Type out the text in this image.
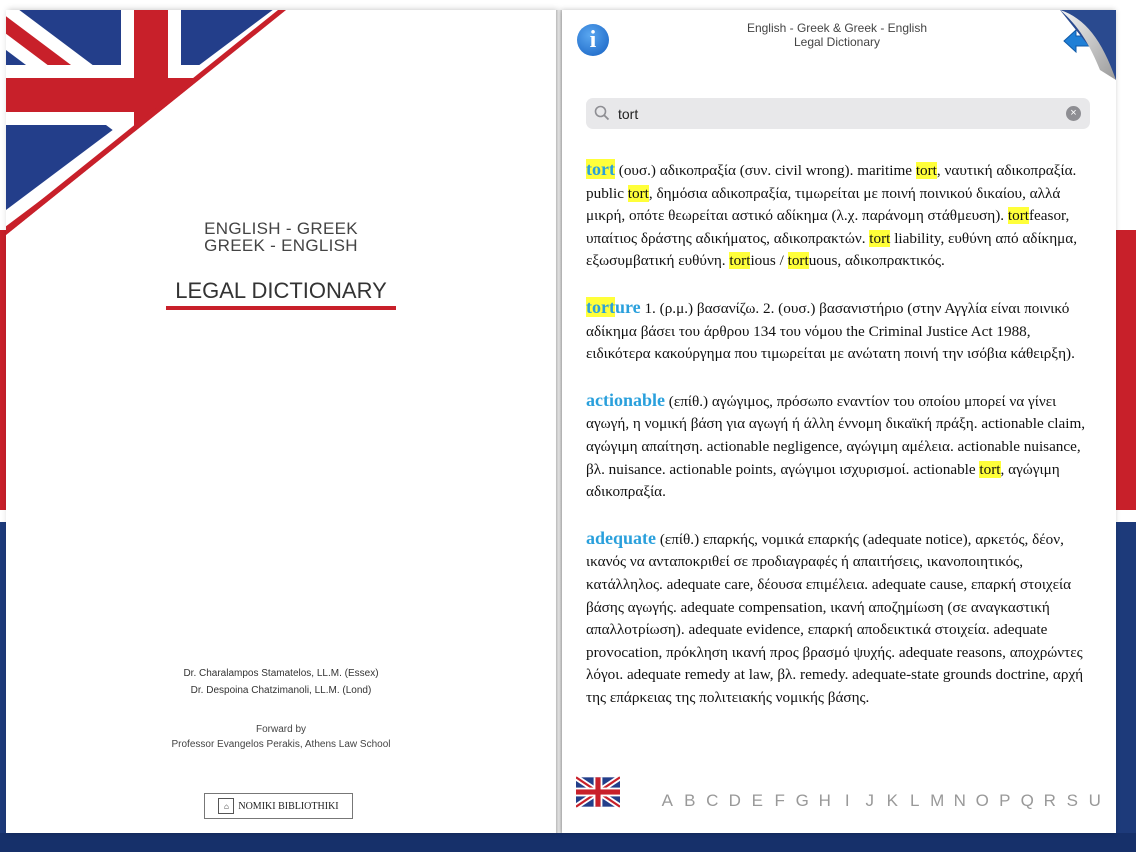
ENGLISH - GREEK
GREEK - ENGLISH
LEGAL DICTIONARY
Dr. Charalampos Stamatelos, LL.M. (Essex)
Dr. Despoina Chatzimanoli, LL.M. (Lond)
Forward by
Professor Evangelos Perakis, Athens Law School
⌂ NOMIKI BIBLIOTHIKI
i	English - Greek & Greek - English
Legal Dictionary
tort
×
tort (ουσ.) αδικοπραξία (συν. civil wrong). maritime tort, ναυτική αδικοπραξία. public tort, δημόσια αδικοπραξία, τιμωρείται με ποινή ποινικού δικαίου, αλλά μικρή, οπότε θεωρείται αστικό αδίκημα (λ.χ. παράνομη στάθμευση). tortfeasor, υπαίτιος δράστης αδικήματος, αδικοπρακτών. tort liability, ευθύνη από αδίκημα, εξωσυμβατική ευθύνη. tortious / tortuous, αδικοπρακτικός.
torture 1. (ρ.μ.) βασανίζω. 2. (ουσ.) βασανιστήριο (στην Αγγλία είναι ποινικό αδίκημα βάσει του άρθρου 134 του νόμου the Criminal Justice Act 1988, ειδικότερα κακούργημα που τιμωρείται με ανώτατη ποινή την ισόβια κάθειρξη).
actionable (επίθ.) αγώγιμος, πρόσωπο εναντίον του οποίου μπορεί να γίνει αγωγή, η νομική βάση για αγωγή ή άλλη έννομη δικαϊκή πράξη. actionable claim, αγώγιμη απαίτηση. actionable negligence, αγώγιμη αμέλεια. actionable nuisance, βλ. nuisance. actionable points, αγώγιμοι ισχυρισμοί. actionable tort, αγώγιμη αδικοπραξία.
adequate (επίθ.) επαρκής, νομικά επαρκής (adequate notice), αρκετός, δέον, ικανός να ανταποκριθεί σε προδιαγραφές ή απαιτήσεις, ικανοποιητικός, κατάλληλος. adequate care, δέουσα επιμέλεια. adequate cause, επαρκή στοιχεία βάσης αγωγής. adequate compensation, ικανή αποζημίωση (σε αναγκαστική απαλλοτρίωση). adequate evidence, επαρκή αποδεικτικά στοιχεία. adequate provocation, πρόκληση ικανή προς βρασμό ψυχής. adequate reasons, αποχρώντες λόγοι. adequate remedy at law, βλ. remedy. adequate-state grounds doctrine, αρχή της επάρκειας της πολιτειακής νομικής βάσης.
A B C D E F G H I J K L M N O P Q R S U
